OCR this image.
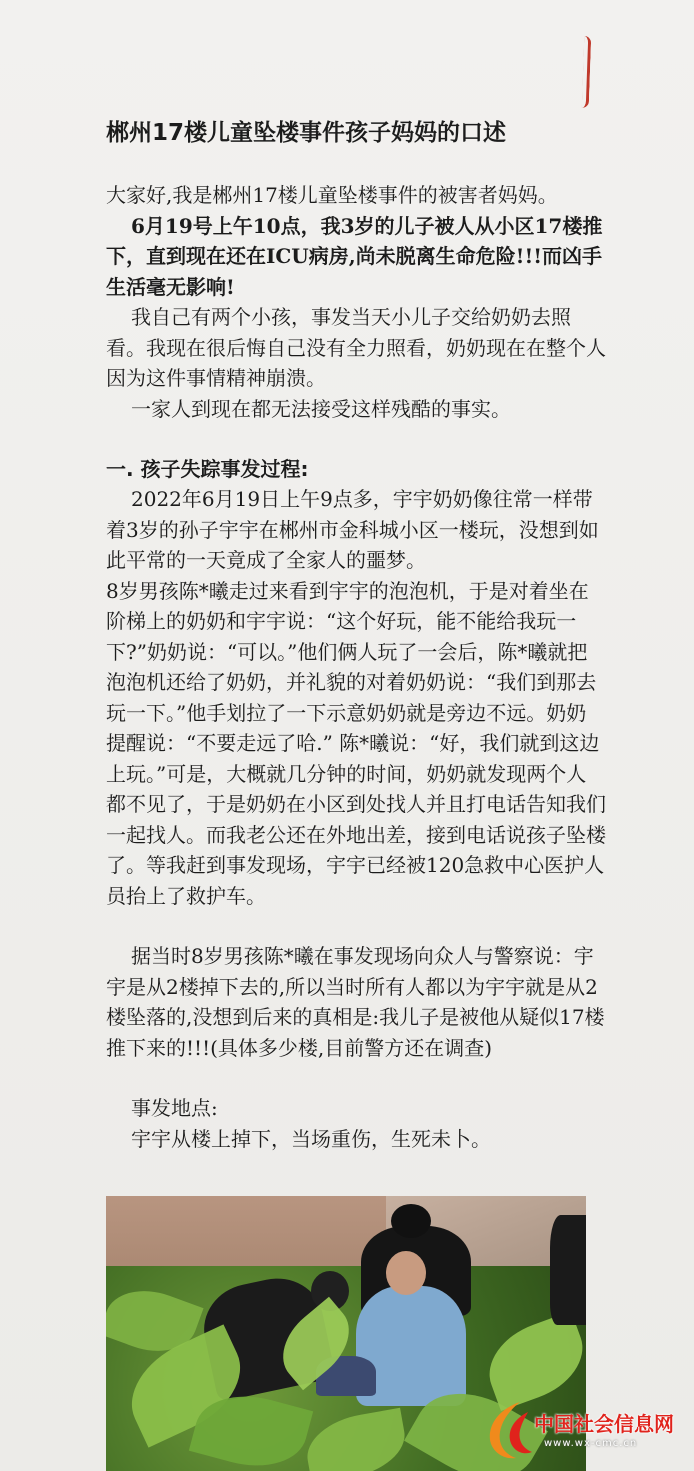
郴州17楼儿童坠楼事件孩子妈妈的口述

大家好,我是郴州17楼儿童坠楼事件的被害者妈妈。

6月19号上午10点，我3岁的儿子被人从小区17楼推下，直到现在还在ICU病房,尚未脱离生命危险!!!而凶手生活毫无影响!

我自己有两个小孩，事发当天小儿子交给奶奶去照看。我现在很后悔自己没有全力照看，奶奶现在在整个人因为这件事情精神崩溃。

一家人到现在都无法接受这样残酷的事实。

一. 孩子失踪事发过程:

2022年6月19日上午9点多，宇宇奶奶像往常一样带着3岁的孙子宇宇在郴州市金科城小区一楼玩，没想到如此平常的一天竟成了全家人的噩梦。

8岁男孩陈*曦走过来看到宇宇的泡泡机，于是对着坐在阶梯上的奶奶和宇宇说：“这个好玩，能不能给我玩一下?”奶奶说：“可以。”他们俩人玩了一会后，陈*曦就把泡泡机还给了奶奶，并礼貌的对着奶奶说：“我们到那去玩一下。”他手划拉了一下示意奶奶就是旁边不远。奶奶提醒说：“不要走远了哈.” 陈*曦说：“好，我们就到这边上玩。”可是，大概就几分钟的时间，奶奶就发现两个人都不见了，于是奶奶在小区到处找人并且打电话告知我们一起找人。而我老公还在外地出差，接到电话说孩子坠楼了。等我赶到事发现场，宇宇已经被120急救中心医护人员抬上了救护车。

据当时8岁男孩陈*曦在事发现场向众人与警察说：宇宇是从2楼掉下去的,所以当时所有人都以为宇宇就是从2楼坠落的,没想到后来的真相是:我儿子是被他从疑似17楼推下来的!!!(具体多少楼,目前警方还在调查)

事发地点:

宇宇从楼上掉下，当场重伤，生死未卜。

中国社会信息网
www.wx-cmc.cn
